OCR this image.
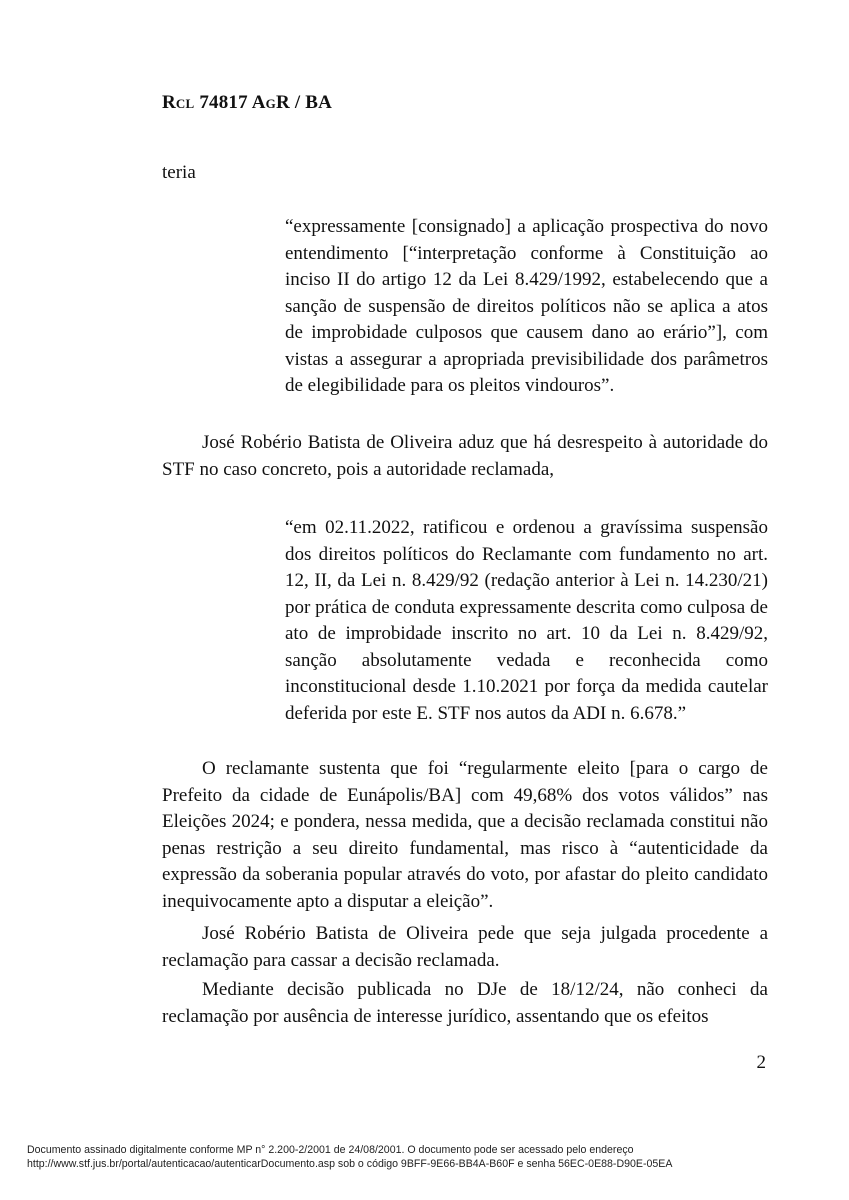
Rcl 74817 AgR / BA
teria
“expressamente [consignado] a aplicação prospectiva do novo entendimento [“interpretação conforme à Constituição ao inciso II do artigo 12 da Lei 8.429/1992, estabelecendo que a sanção de suspensão de direitos políticos não se aplica a atos de improbidade culposos que causem dano ao erário”], com vistas a assegurar a apropriada previsibilidade dos parâmetros de elegibilidade para os pleitos vindouros”.
José Robério Batista de Oliveira aduz que há desrespeito à autoridade do STF no caso concreto, pois a autoridade reclamada,
“em 02.11.2022, ratificou e ordenou a gravíssima suspensão dos direitos políticos do Reclamante com fundamento no art. 12, II, da Lei n. 8.429/92 (redação anterior à Lei n. 14.230/21) por prática de conduta expressamente descrita como culposa de ato de improbidade inscrito no art. 10 da Lei n. 8.429/92, sanção absolutamente vedada e reconhecida como inconstitucional desde 1.10.2021 por força da medida cautelar deferida por este E. STF nos autos da ADI n. 6.678.”
O reclamante sustenta que foi “regularmente eleito [para o cargo de Prefeito da cidade de Eunápolis/BA] com 49,68% dos votos válidos” nas Eleições 2024; e pondera, nessa medida, que a decisão reclamada constitui não penas restrição a seu direito fundamental, mas risco à “autenticidade da expressão da soberania popular através do voto, por afastar do pleito candidato inequivocamente apto a disputar a eleição”.
José Robério Batista de Oliveira pede que seja julgada procedente a reclamação para cassar a decisão reclamada.
Mediante decisão publicada no DJe de 18/12/24, não conheci da reclamação por ausência de interesse jurídico, assentando que os efeitos
2
Documento assinado digitalmente conforme MP n° 2.200-2/2001 de 24/08/2001. O documento pode ser acessado pelo endereço
http://www.stf.jus.br/portal/autenticacao/autenticarDocumento.asp sob o código 9BFF-9E66-BB4A-B60F e senha 56EC-0E88-D90E-05EA
